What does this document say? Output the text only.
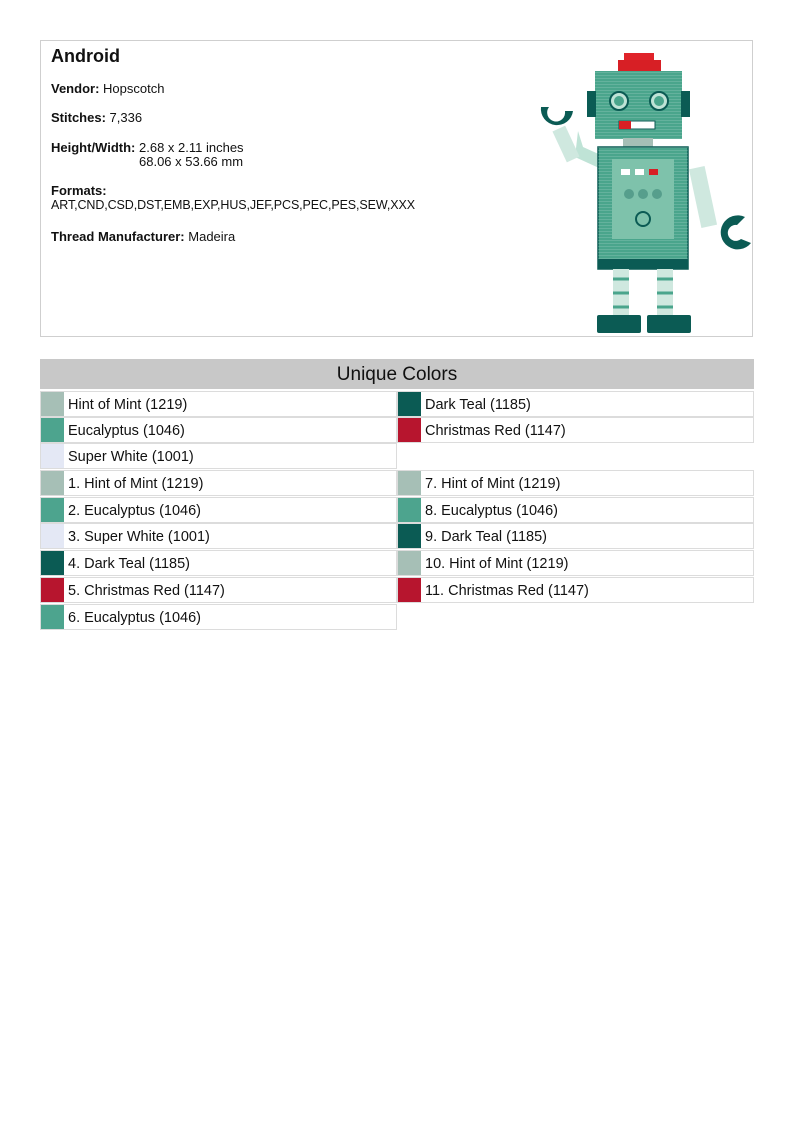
Android
Vendor: Hopscotch
Stitches: 7,336
Height/Width: 2.68 x 2.11 inches
68.06 x 53.66 mm
Formats:
ART,CND,CSD,DST,EMB,EXP,HUS,JEF,PCS,PEC,PES,SEW,XXX
Thread Manufacturer: Madeira
Unique Colors
Hint of Mint (1219)
Eucalyptus (1046)
Super White (1001)
Dark Teal (1185)
Christmas Red (1147)
1. Hint of Mint (1219)
2. Eucalyptus (1046)
3. Super White (1001)
4. Dark Teal (1185)
5. Christmas Red (1147)
6. Eucalyptus (1046)
7. Hint of Mint (1219)
8. Eucalyptus (1046)
9. Dark Teal (1185)
10. Hint of Mint (1219)
11. Christmas Red (1147)
